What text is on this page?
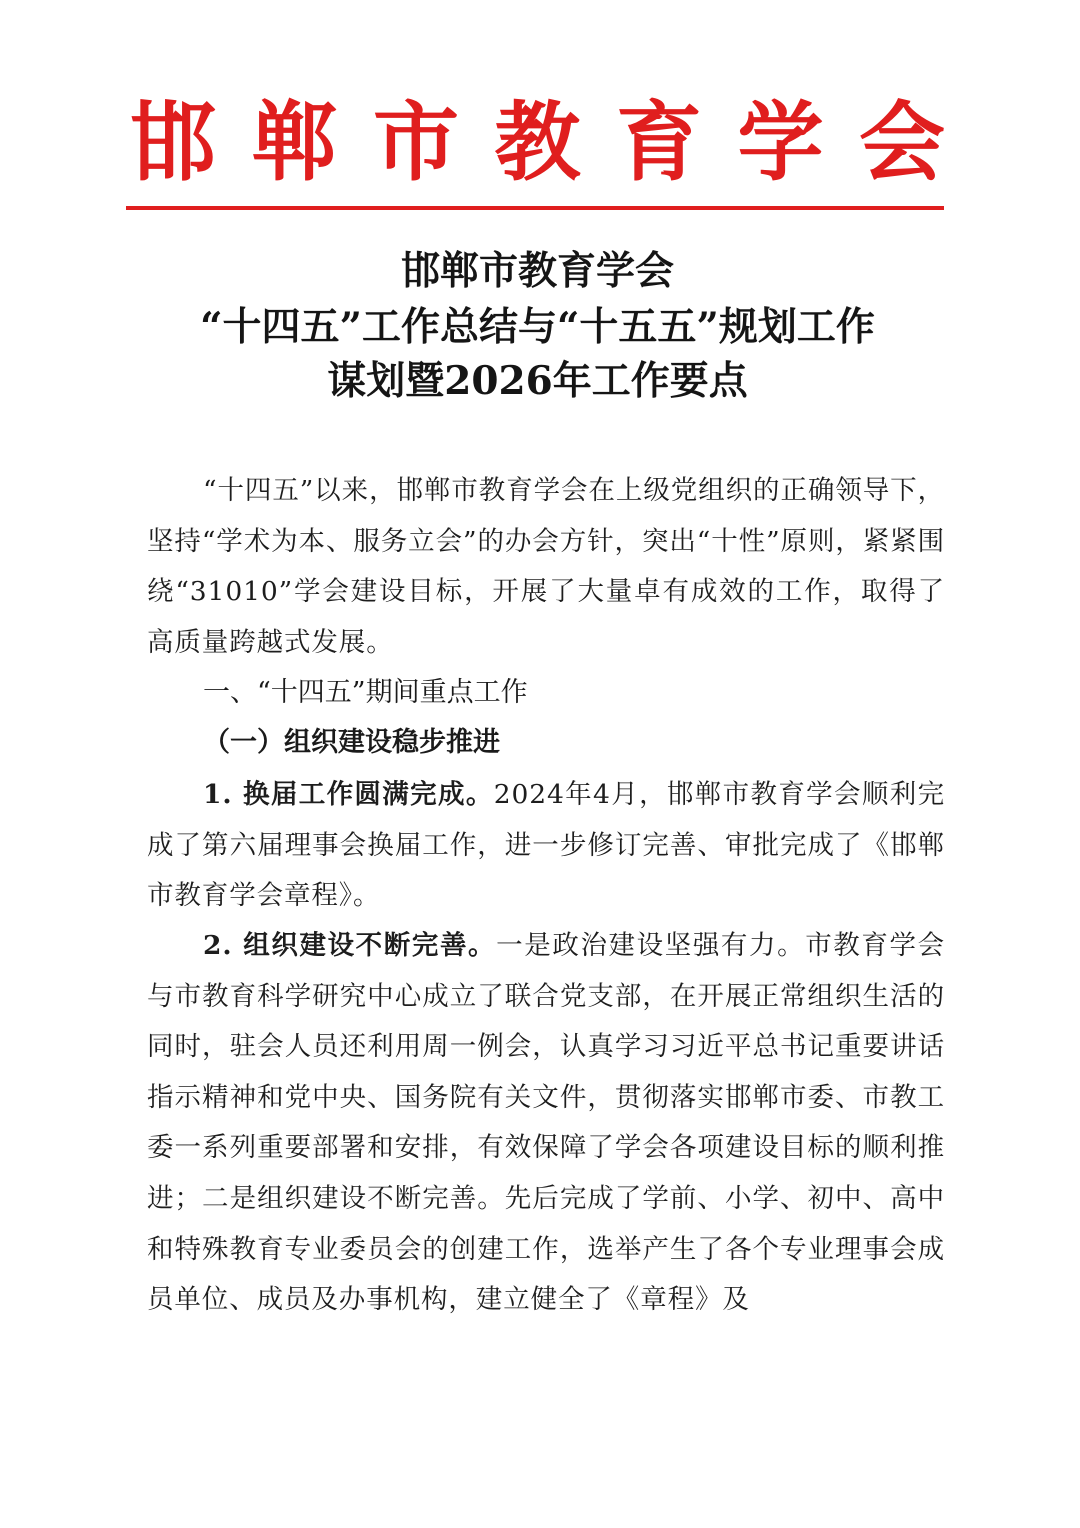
邯 郸 市 教 育 学 会
邯郸市教育学会
“十四五”工作总结与“十五五”规划工作
谋划暨2026年工作要点
“十四五”以来，邯郸市教育学会在上级党组织的正确领导下，坚持“学术为本、服务立会”的办会方针，突出“十性”原则，紧紧围绕“31010”学会建设目标，开展了大量卓有成效的工作，取得了高质量跨越式发展。
一、“十四五”期间重点工作
（一）组织建设稳步推进
1. 换届工作圆满完成。2024年4月，邯郸市教育学会顺利完成了第六届理事会换届工作，进一步修订完善、审批完成了《邯郸市教育学会章程》。
2. 组织建设不断完善。一是政治建设坚强有力。市教育学会与市教育科学研究中心成立了联合党支部，在开展正常组织生活的同时，驻会人员还利用周一例会，认真学习习近平总书记重要讲话指示精神和党中央、国务院有关文件，贯彻落实邯郸市委、市教工委一系列重要部署和安排，有效保障了学会各项建设目标的顺利推进；二是组织建设不断完善。先后完成了学前、小学、初中、高中和特殊教育专业委员会的创建工作，选举产生了各个专业理事会成员单位、成员及办事机构，建立健全了《章程》及
